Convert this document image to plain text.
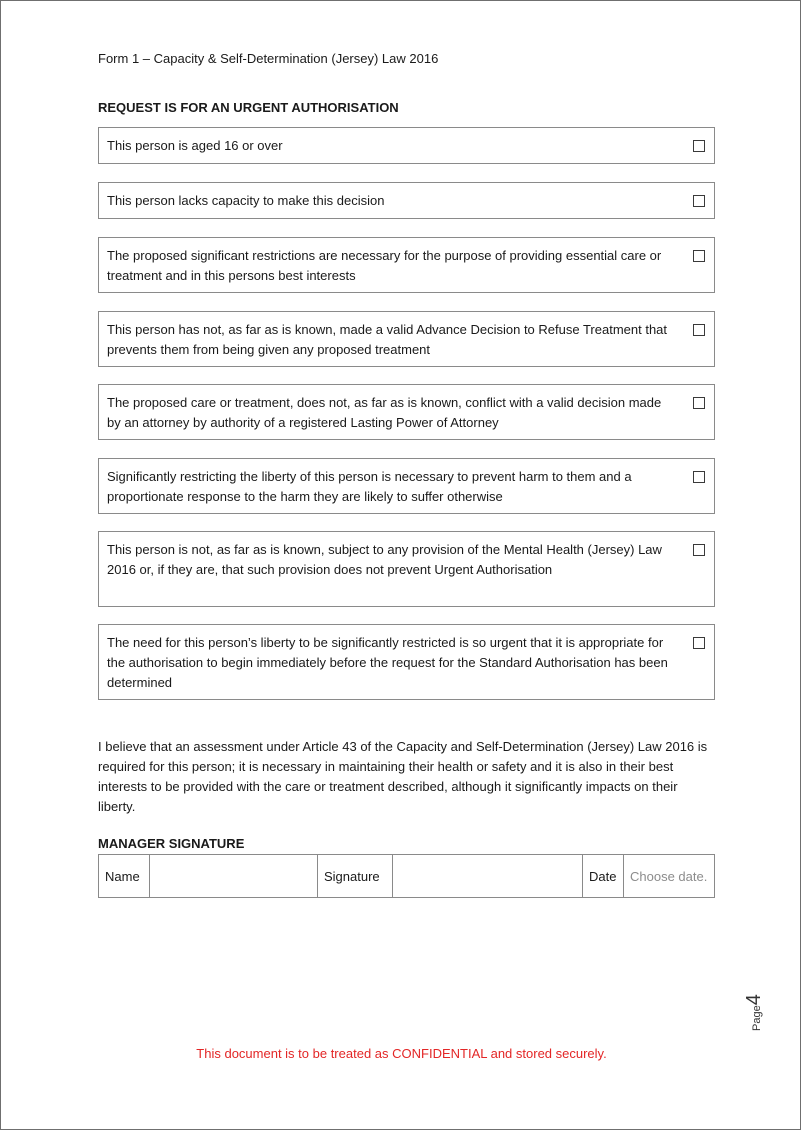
Form 1 – Capacity & Self-Determination (Jersey) Law 2016
REQUEST IS FOR AN URGENT AUTHORISATION
This person is aged 16 or over
This person lacks capacity to make this decision
The proposed significant restrictions are necessary for the purpose of providing essential care or treatment and in this persons best interests
This person has not, as far as is known, made a valid Advance Decision to Refuse Treatment that prevents them from being given any proposed treatment
The proposed care or treatment, does not, as far as is known, conflict with a valid decision made by an attorney by authority of a registered Lasting Power of Attorney
Significantly restricting the liberty of this person is necessary to prevent harm to them and a proportionate response to the harm they are likely to suffer otherwise
This person is not, as far as is known, subject to any provision of the Mental Health (Jersey) Law 2016 or, if they are, that such provision does not prevent Urgent Authorisation
The need for this person’s liberty to be significantly restricted is so urgent that it is appropriate for the authorisation to begin immediately before the request for the Standard Authorisation has been determined
I believe that an assessment under Article 43 of the Capacity and Self-Determination (Jersey) Law 2016 is required for this person; it is necessary in maintaining their health or safety and it is also in their best interests to be provided with the care or treatment described, although it significantly impacts on their liberty.
MANAGER SIGNATURE
Name		Signature		Date	Choose date.
Page4
This document is to be treated as CONFIDENTIAL and stored securely.
